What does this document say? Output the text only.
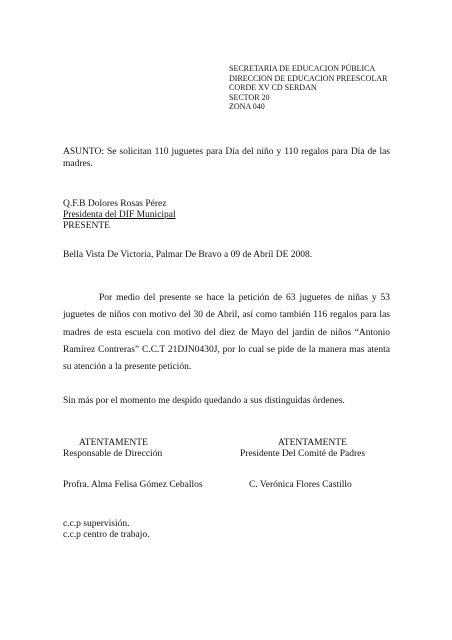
SECRETARIA DE EDUCACION PÚBLICA
DIRECCION DE EDUCACION PREESCOLAR
CORDE XV CD SERDAN
SECTOR 20
ZONA 040
ASUNTO: Se solicitan 110 juguetes para Día del niño y 110 regalos para Día de las madres.
Q.F.B Dolores Rosas Pérez
Presidenta del DIF Municipal
PRESENTE
Bella Vista De Victoria, Palmar De Bravo a 09 de Abril DE 2008.
Por medio del presente se hace la petición de 63 juguetes de niñas y 53 juguetes de niños con motivo del 30 de Abril, así como también 116 regalos para las madres de esta escuela con motivo del diez de Mayo del jardín de niños “Antonio Ramírez Contreras” C.C.T 21DJN0430J, por lo cual se pide de la manera mas atenta su atención a la presente petición.
Sin más por el momento me despido quedando a sus distinguidas órdenes.
ATENTAMENTE
Responsable de Dirección
ATENTAMENTE
Presidente Del Comité de Padres
Profra. Alma Felisa Gómez Ceballos	C. Verónica Flores Castillo
c.c.p supervisión.
c.c.p centro de trabajo.
